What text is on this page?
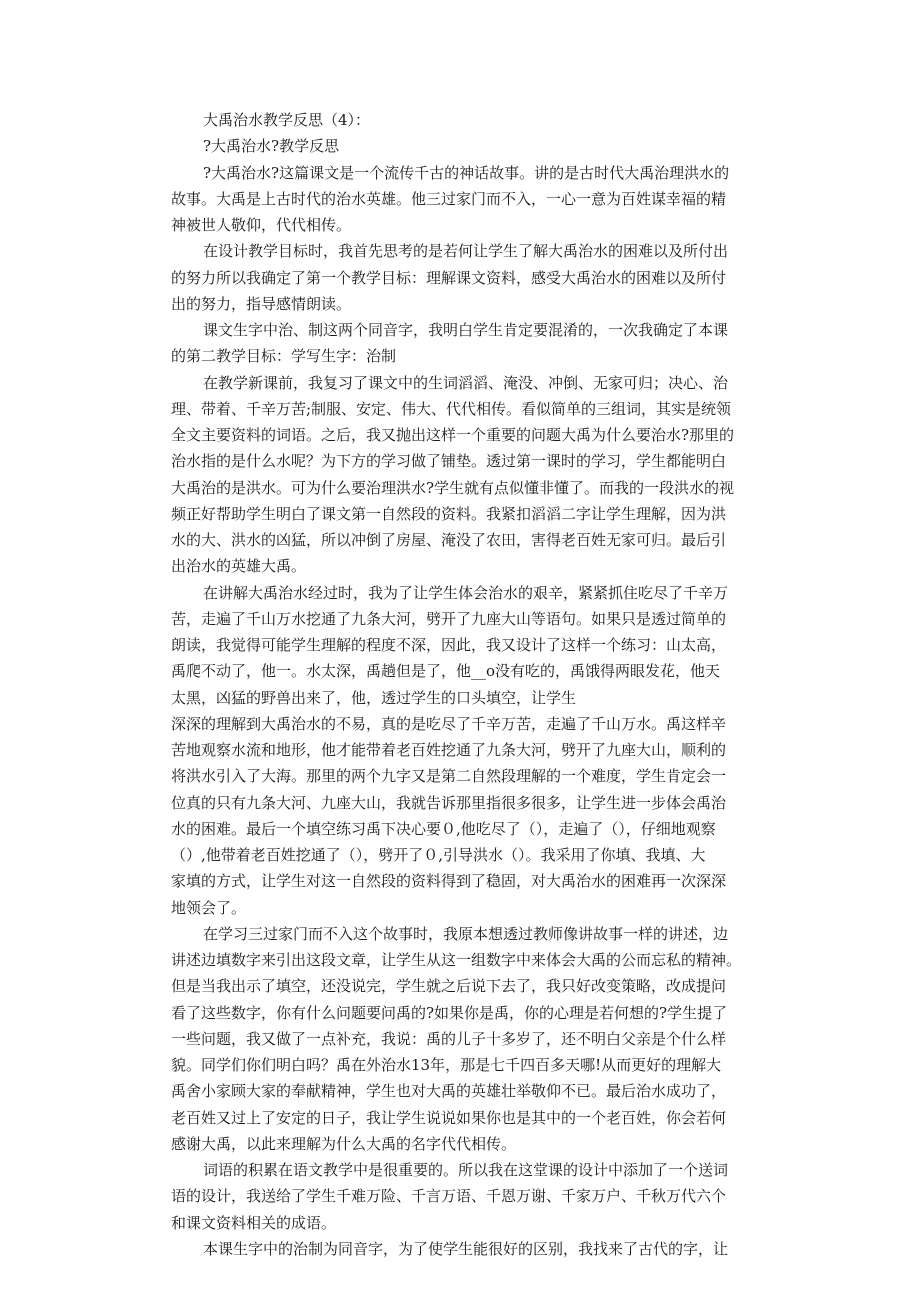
大禹治水教学反思（4）：
?大禹治水?教学反思
?大禹治水?这篇课文是一个流传千古的神话故事。讲的是古时代大禹治理洪水的
故事。大禹是上古时代的治水英雄。他三过家门而不入，一心一意为百姓谋幸福的精
神被世人敬仰，代代相传。
在设计教学目标时，我首先思考的是若何让学生了解大禹治水的困难以及所付出
的努力所以我确定了第一个教学目标：理解课文资料，感受大禹治水的困难以及所付
出的努力，指导感情朗读。
课文生字中治、制这两个同音字，我明白学生肯定要混淆的，一次我确定了本课
的第二教学目标：学写生字：治制
在教学新课前，我复习了课文中的生词滔滔、淹没、冲倒、无家可归；决心、治
理、带着、千辛万苦;制服、安定、伟大、代代相传。看似简单的三组词，其实是统领
全文主要资料的词语。之后，我又抛出这样一个重要的问题大禹为什么要治水?那里的
治水指的是什么水呢？为下方的学习做了铺垫。透过第一课时的学习，学生都能明白
大禹治的是洪水。可为什么要治理洪水?学生就有点似懂非懂了。而我的一段洪水的视
频正好帮助学生明白了课文第一自然段的资料。我紧扣滔滔二字让学生理解，因为洪
水的大、洪水的凶猛，所以冲倒了房屋、淹没了农田，害得老百姓无家可归。最后引
出治水的英雄大禹。
在讲解大禹治水经过时，我为了让学生体会治水的艰辛，紧紧抓住吃尽了千辛万
苦，走遍了千山万水挖通了九条大河，劈开了九座大山等语句。如果只是透过简单的
朗读，我觉得可能学生理解的程度不深，因此，我又设计了这样一个练习：山太高，
禹爬不动了，他一。水太深，禹趟但是了，他__o没有吃的，禹饿得两眼发花，他天
太黑，凶猛的野兽出来了，他，透过学生的口头填空，让学生
深深的理解到大禹治水的不易，真的是吃尽了千辛万苦，走遍了千山万水。禹这样辛
苦地观察水流和地形，他才能带着老百姓挖通了九条大河，劈开了九座大山，顺利的
将洪水引入了大海。那里的两个九字又是第二自然段理解的一个难度，学生肯定会一
位真的只有九条大河、九座大山，我就告诉那里指很多很多，让学生进一步体会禹治
水的困难。最后一个填空练习禹下决心要０,他吃尽了（），走遍了（），仔细地观察
（）,他带着老百姓挖通了（），劈开了０,引导洪水（）。我采用了你填、我填、大
家填的方式，让学生对这一自然段的资料得到了稳固，对大禹治水的困难再一次深深
地领会了。
在学习三过家门而不入这个故事时，我原本想透过教师像讲故事一样的讲述，边
讲述边填数字来引出这段文章，让学生从这一组数字中来体会大禹的公而忘私的精神。
但是当我出示了填空，还没说完，学生就之后说下去了，我只好改变策略，改成提问
看了这些数字，你有什么问题要问禹的?如果你是禹，你的心理是若何想的?学生提了
一些问题，我又做了一点补充，我说：禹的儿子十多岁了，还不明白父亲是个什么样
貌。同学们你们明白吗？禹在外治水13年，那是七千四百多天哪!从而更好的理解大
禹舍小家顾大家的奉献精神，学生也对大禹的英雄壮举敬仰不已。最后治水成功了，
老百姓又过上了安定的日子，我让学生说说如果你也是其中的一个老百姓，你会若何
感谢大禹，以此来理解为什么大禹的名字代代相传。
词语的积累在语文教学中是很重要的。所以我在这堂课的设计中添加了一个送词
语的设计，我送给了学生千难万险、千言万语、千恩万谢、千家万户、千秋万代六个
和课文资料相关的成语。
本课生字中的治制为同音字，为了使学生能很好的区别，我找来了古代的字，让
